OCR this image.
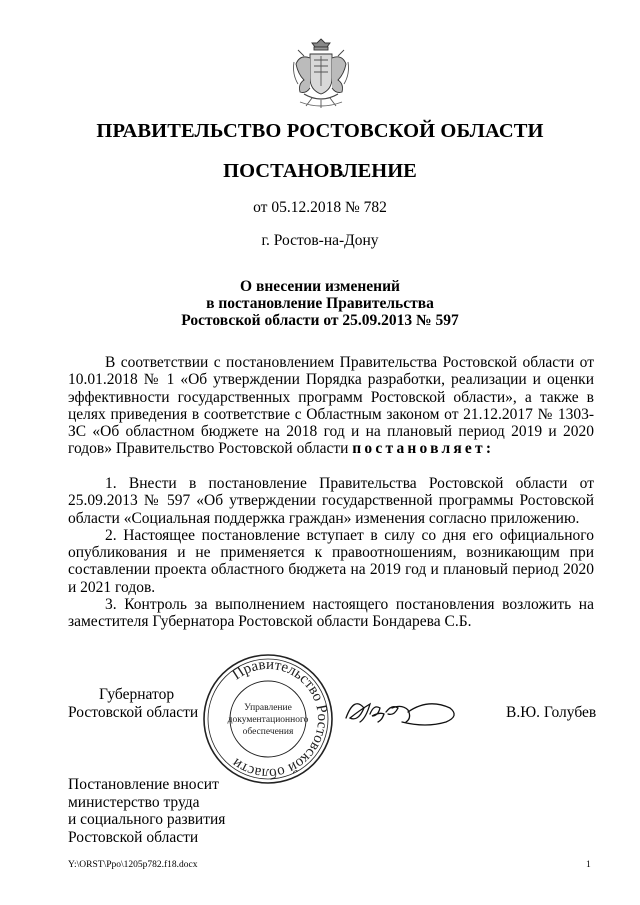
ПРАВИТЕЛЬСТВО РОСТОВСКОЙ ОБЛАСТИ
ПОСТАНОВЛЕНИЕ
от 05.12.2018 № 782
г. Ростов-на-Дону
О внесении изменений
в постановление Правительства
Ростовской области от 25.09.2013 № 597
В соответствии с постановлением Правительства Ростовской области от 10.01.2018 № 1 «Об утверждении Порядка разработки, реализации и оценки эффективности государственных программ Ростовской области», а также в целях приведения в соответствие с Областным законом от 21.12.2017 № 1303-ЗС «Об областном бюджете на 2018 год и на плановый период 2019 и 2020 годов» Правительство Ростовской области постановляет:
1. Внести в постановление Правительства Ростовской области от 25.09.2013 № 597 «Об утверждении государственной программы Ростовской области «Социальная поддержка граждан» изменения согласно приложению.
2. Настоящее постановление вступает в силу со дня его официального опубликования и не применяется к правоотношениям, возникающим при составлении проекта областного бюджета на 2019 год и плановый период 2020 и 2021 годов.
3. Контроль за выполнением настоящего постановления возложить на заместителя Губернатора Ростовской области Бондарева С.Б.
Губернатор
Ростовской области
Правительство Ростовской области
Управление
документационного
обеспечения
В.Ю. Голубев
Постановление вносит
министерство труда
и социального развития
Ростовской области
Y:\ORST\Ppo\1205p782.f18.docx	1
